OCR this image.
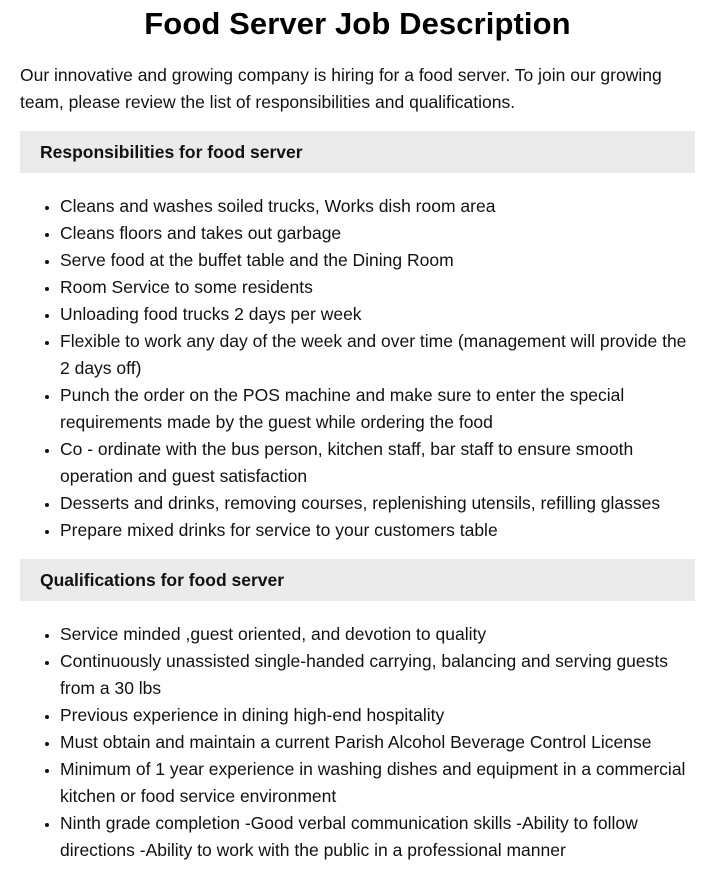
Food Server Job Description

Our innovative and growing company is hiring for a food server. To join our growing team, please review the list of responsibilities and qualifications.

Responsibilities for food server
• Cleans and washes soiled trucks, Works dish room area
• Cleans floors and takes out garbage
• Serve food at the buffet table and the Dining Room
• Room Service to some residents
• Unloading food trucks 2 days per week
• Flexible to work any day of the week and over time (management will provide the 2 days off)
• Punch the order on the POS machine and make sure to enter the special requirements made by the guest while ordering the food
• Co - ordinate with the bus person, kitchen staff, bar staff to ensure smooth operation and guest satisfaction
• Desserts and drinks, removing courses, replenishing utensils, refilling glasses
• Prepare mixed drinks for service to your customers table
Qualifications for food server
• Service minded ,guest oriented, and devotion to quality
• Continuously unassisted single-handed carrying, balancing and serving guests from a 30 lbs
• Previous experience in dining high-end hospitality
• Must obtain and maintain a current Parish Alcohol Beverage Control License
• Minimum of 1 year experience in washing dishes and equipment in a commercial kitchen or food service environment
• Ninth grade completion -Good verbal communication skills -Ability to follow directions -Ability to work with the public in a professional manner
